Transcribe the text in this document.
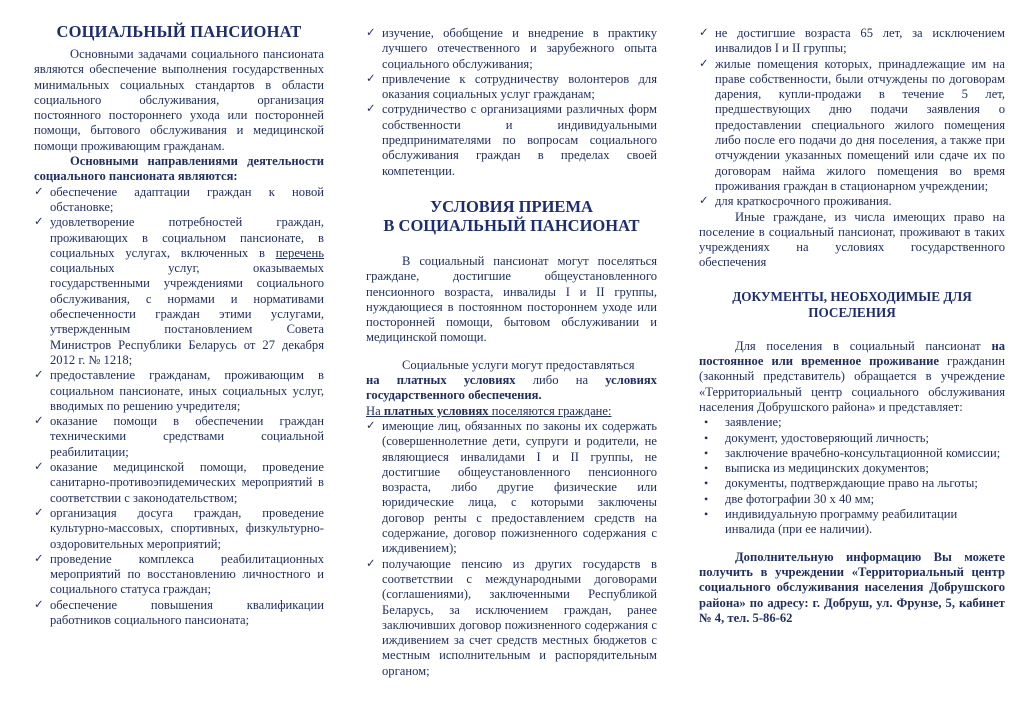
СОЦИАЛЬНЫЙ ПАНСИОНАТ

Основными задачами социального пансионата являются обеспечение выполнения государственных минимальных социальных стандартов в области социального обслуживания, организация постоянного постороннего ухода или посторонней помощи, бытового обслуживания и медицинской помощи проживающим гражданам.

Основными направлениями деятельности социального пансионата являются:

✓ обеспечение адаптации граждан к новой обстановке;
✓ удовлетворение потребностей граждан, проживающих в социальном пансионате, в социальных услугах, включенных в перечень социальных услуг, оказываемых государственными учреждениями социального обслуживания, с нормами и нормативами обеспеченности граждан этими услугами, утвержденным постановлением Совета Министров Республики Беларусь от 27 декабря 2012 г. № 1218;
✓ предоставление гражданам, проживающим в социальном пансионате, иных социальных услуг, вводимых по решению учредителя;
✓ оказание помощи в обеспечении граждан техническими средствами социальной реабилитации;
✓ оказание медицинской помощи, проведение санитарно-противоэпидемических мероприятий в соответствии с законодательством;
✓ организация досуга граждан, проведение культурно-массовых, спортивных, физкультурно-оздоровительных мероприятий;
✓ проведение комплекса реабилитационных мероприятий по восстановлению личностного и социального статуса граждан;
✓ обеспечение повышения квалификации работников социального пансионата;
✓ изучение, обобщение и внедрение в практику лучшего отечественного и зарубежного опыта социального обслуживания;
✓ привлечение к сотрудничеству волонтеров для оказания социальных услуг гражданам;
✓ сотрудничество с организациями различных форм собственности и индивидуальными предпринимателями по вопросам социального обслуживания граждан в пределах своей компетенции.
УСЛОВИЯ ПРИЕМА
В СОЦИАЛЬНЫЙ ПАНСИОНАТ

В социальный пансионат могут поселяться граждане, достигшие общеустановленного пенсионного возраста, инвалиды I и II группы, нуждающиеся в постоянном постороннем уходе или посторонней помощи, бытовом обслуживании и медицинской помощи.

Социальные услуги могут предоставляться
на платных условиях либо на условиях государственного обеспечения.

На платных условиях поселяются граждане:

✓ имеющие лиц, обязанных по законы их содержать (совершеннолетние дети, супруги и родители, не являющиеся инвалидами I и II группы, не достигшие общеустановленного пенсионного возраста, либо другие физические или юридические лица, с которыми заключены договор ренты с предоставлением средств на содержание, договор пожизненного содержания с иждивением);
✓ получающие пенсию из других государств в соответствии с международными договорами (соглашениями), заключенными Республикой Беларусь, за исключением граждан, ранее заключивших договор пожизненного содержания с иждивением за счет средств местных бюджетов с местным исполнительным и распорядительным органом;
✓ не достигшие возраста 65 лет, за исключением инвалидов I и II группы;
✓ жилые помещения которых, принадлежащие им на праве собственности, были отчуждены по договорам дарения, купли-продажи в течение 5 лет, предшествующих дню подачи заявления о предоставлении специального жилого помещения либо после его подачи до дня поселения, а также при отчуждении указанных помещений или сдаче их по договорам найма жилого помещения во время проживания граждан в стационарном учреждении;
✓ для краткосрочного проживания.

Иные граждане, из числа имеющих право на поселение в социальный пансионат, проживают в таких учреждениях на условиях государственного обеспечения

ДОКУМЕНТЫ, НЕОБХОДИМЫЕ ДЛЯ ПОСЕЛЕНИЯ

Для поселения в социальный пансионат на постоянное или временное проживание гражданин (законный представитель) обращается в учреждение «Территориальный центр социального обслуживания населения Добрушского района» и представляет:

• заявление;
• документ, удостоверяющий личность;
• заключение врачебно-консультационной комиссии;
• выписка из медицинских документов;
• документы, подтверждающие право на льготы;
• две фотографии 30 x 40 мм;
• индивидуальную программу реабилитации инвалида (при ее наличии).

Дополнительную информацию Вы можете получить в учреждении «Территориальный центр социального обслуживания населения Добрушского района» по адресу: г. Добруш, ул. Фрунзе, 5, кабинет № 4, тел. 5-86-62
